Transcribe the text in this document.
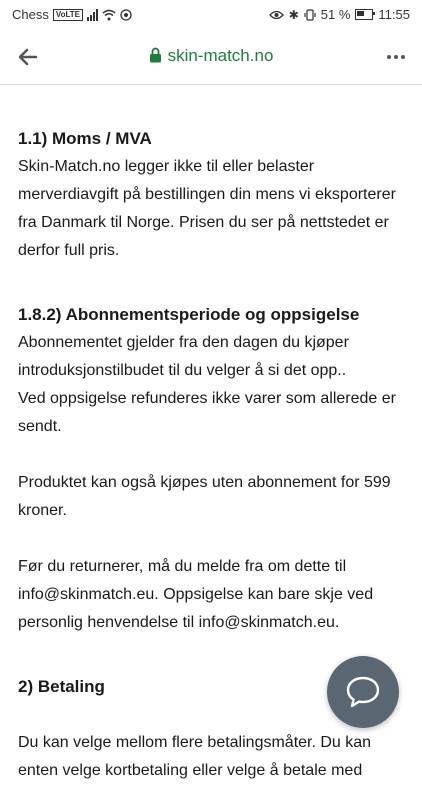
Chess VoLTE	✱ 51 % 11:55
skin-match.no
1.1) Moms / MVA

Skin-Match.no legger ikke til eller belaster merverdiavgift på bestillingen din mens vi eksporterer fra Danmark til Norge. Prisen du ser på nettstedet er derfor full pris.

1.8.2) Abonnementsperiode og oppsigelse

Abonnementet gjelder fra den dagen du kjøper introduksjonstilbudet til du velger å si det opp..

Ved oppsigelse refunderes ikke varer som allerede er sendt.

Produktet kan også kjøpes uten abonnement for 599 kroner.

Før du returnerer, må du melde fra om dette til info@skinmatch.eu. Oppsigelse kan bare skje ved personlig henvendelse til info@skinmatch.eu.

2) Betaling

Du kan velge mellom flere betalingsmåter. Du kan enten velge kortbetaling eller velge å betale med
